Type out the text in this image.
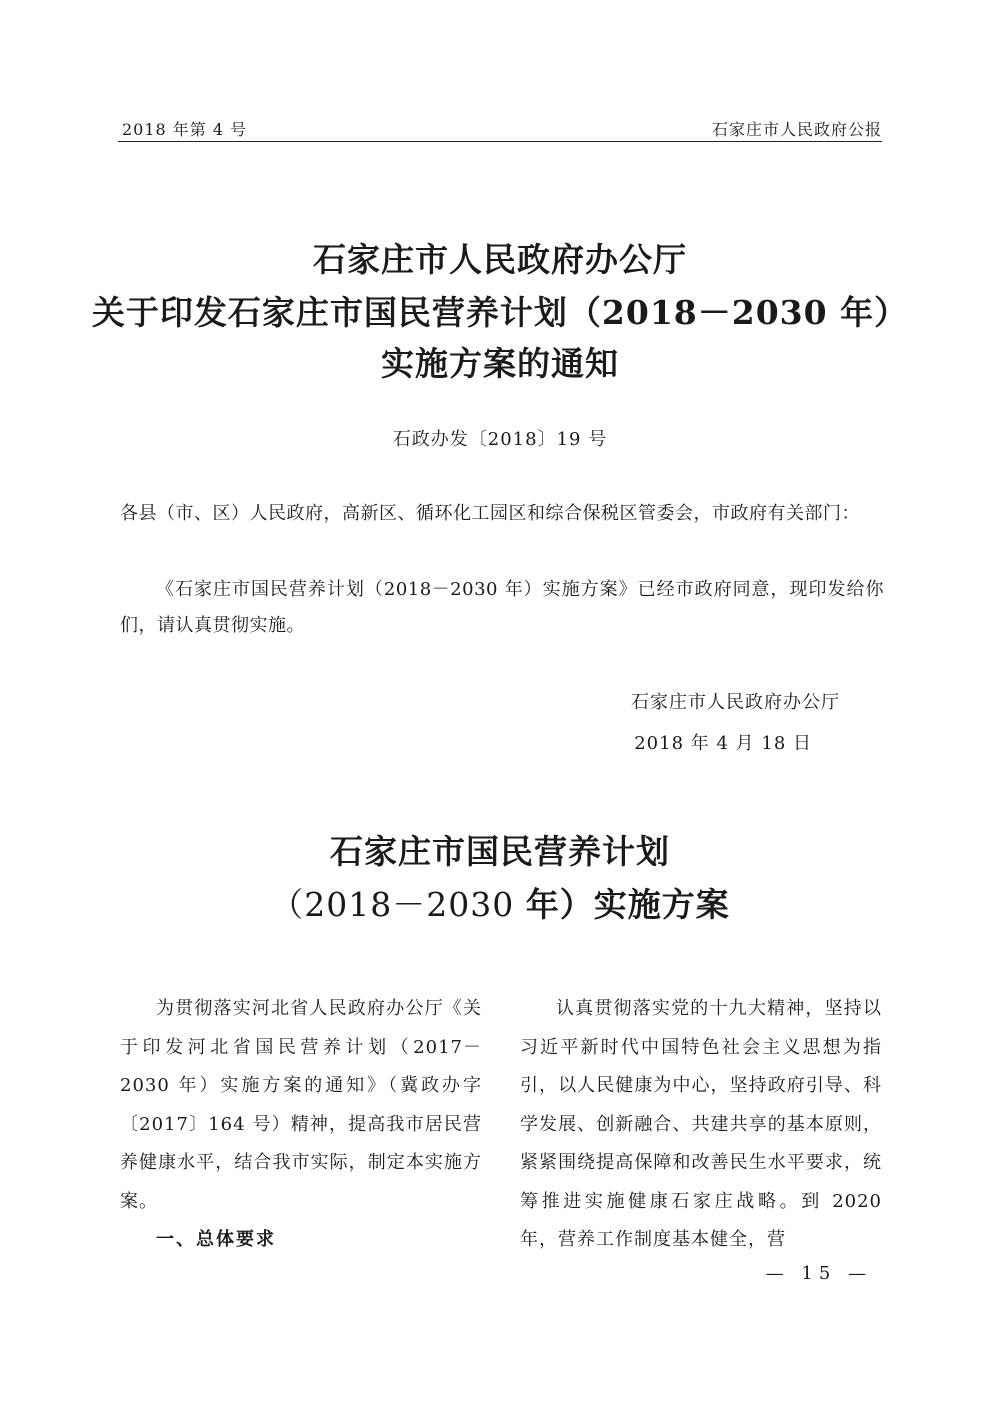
2018 年第 4 号	石家庄市人民政府公报
石家庄市人民政府办公厅
关于印发石家庄市国民营养计划（2018－2030 年）
实施方案的通知
石政办发〔2018〕19 号
各县（市、区）人民政府，高新区、循环化工园区和综合保税区管委会，市政府有关部门：
《石家庄市国民营养计划（2018－2030 年）实施方案》已经市政府同意，现印发给你们，请认真贯彻实施。
石家庄市人民政府办公厅
2018 年 4 月 18 日
石家庄市国民营养计划
（2018－2030 年）实施方案
为贯彻落实河北省人民政府办公厅《关于印发河北省国民营养计划（2017－2030 年）实施方案的通知》（冀政办字〔2017〕164 号）精神，提高我市居民营养健康水平，结合我市实际，制定本实施方案。
一、总体要求
认真贯彻落实党的十九大精神，坚持以习近平新时代中国特色社会主义思想为指引，以人民健康为中心，坚持政府引导、科学发展、创新融合、共建共享的基本原则，紧紧围绕提高保障和改善民生水平要求，统筹推进实施健康石家庄战略。到 2020 年，营养工作制度基本健全，营
— 15 —
